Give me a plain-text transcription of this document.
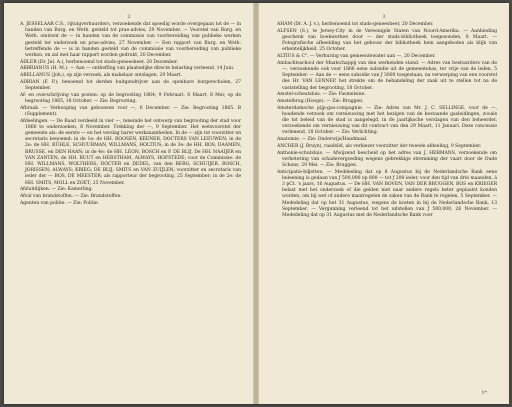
2

A. JESSELAAR C.S., rijtuigverhuurders, verzoekende dat spoedig worde overgegaan tot de — in handen van Burg. en Weth. gesteld tot prae-advies, 29 November. — Voorstel van Burg. en Weth. omtrent de — in handen van de commissie van voorbereiding van publieke werken gesteld ter onderzoek en prae-advies, 27 November. — Een rapport van Burg. en Weth. betreffende de — is in handen gesteld van de commissie van voorbereiding van publieke werken, en zal met haar rapport worden gedrukt, 20 December.

ADLER (Dr. Jul. A.), herbenoemd tot stads-geneesheer, 20 December.

ABBRIANUS (H. M.). — Aan — ontheffing van plaatselijke directe belasting verleend, 14 Juni.

ABELLANUS (Joh.), op zijn verzoek, als makelaar ontslagen, 29 Maart.

ADRIAN (F. P.); benoemd tot derden buitgendrijver aan de openbare burgerscholen, 27 September.

Af- en overschrijving van posten: op de begrooting 1864; 9 Februari, 6 Maart, 8 Mei; op de begrooting 1865, 18 October. — Zie: Begrooting.

Afbraak. — Verkooping van gebouwen voor —, 6 December. — Zie: Begrooting 1865. B (Supplement).

Afdeelingen. — De Raad verdeeld in vier —, teneinde het ontwerp van begrooting der stad voor 1866 te onderzoeken, 8 November. Trekking der —, 9 September. Het wetsvoorstel der gemeente als: de eerste — en het verslag harer werkzaamheden. In de — zijn tot voorzitter en secretaris benoemd: in de 1e: de HH. ROOSEN, KEENER, DOCTERS VAN LEEUWEN; in de 2e: de HH. RÜHLE, SCHUURMAN, WILLMANS, HOLTIUS; in de 3e: de HH. BOS, DAAMEN, BRUSSE, en DEN HAAN; in de 4e: de HH. LÉON, BOSCH en P. DE BLIJ. De HH. NAAIJER en VAN ZANTEN; de HH. RUUT en HERSTHAM, ALWAYS, HOFSTEDE; voor de Commissie: de HH. WILLMANS, WOLTHERS; DOCTER en DEDEL, van den BERG, SCHUIJER, BOSCH, JORISSEN; ALWAYS; KRIEG; DE BLIJ; SMITS en VAN ZUIJLEN; voorzitter en secretaris van ieder der — BOS, DE MEESTER; als rapporteur der begrooting, 25 September; in de 2e: de HH. SMITS, MOLL en ZOET; 25 November.

Afsluitdijken. — Zie: Kamerling.

Afval van brandstoffen. — Zie: Brandstoffen.

Agenten van politie. — Zie: Politie.

3

AHAM (Dr. A. J. v.), herbenoemd tot stads-geneesheer, 20 December.

ALFSEN (S.), te Jersey-City in de Vereenigde Staten van Noord-Amerika. — Aanbieding geschenk van boekwerken door — der stads-bibliotheek toegezonden, 8 Maart. — Fotografische afbeelding van het gebouw der bibliotheek hem aangeboden als blijk van erkentelijkheid, 25 October.

ALTIUS & C°. — Verhuring van gemeentewater aan —, 20 December.

Ambachtsschool der Maatschappij van den werkenden stand. — Adres van bestuurders van de —, verzoekende ook voor 1866 eene subsidie uit de gemeentekas, ter vrije van de leden, 5 September. — Aan de — eene subsidie van ƒ 3000 toegestaan, na verwerping van een voorstel des Hr. VAN LENNEP, het strekte om de behandeling der zaak uit te stellen tot na de vaststelling der begrooting, 18 October.

Amstel-scheutsluis. — Zie: Fasmelsine.

Amstelbrug (Hooge). — Zie: Bruggen.

Amsterdamsche pijp-gas-compagnie. — Zie: Adres van Mr. J. C. SELLINGE, voor de —, houdende verzoek om vernieuwing met het bezigen van de bestaande gasleidingen, zooals die tot beleid van de stad is aangelegd, in de jaarlijksche verslagen van den beheerder, verzoekende om vernieuwing van dit contract van den 29 Maart, 11 Januari. Deze concessie verlenend, 18 October. — Zie: Verlichting.

Anatomie. — Zie: Onderwijs/Handmaal.

ANCHER (J. Bruyn), raadslid, als verkiezer voorzitter der tweede afdeeling, 9 September.

Anthonie-schutsluis. — Afwijzend bescheid op het adres van J. HERMANS, verzoekende om verbetering van schadevergoeding wegens gebrekkige stremming der vaart door de Oude Schans, 29 Mei. — Zie: Bruggen.

Anticipatie-biljetten. — Meddeeling dat op 8 Augustus bij de Nederlandsche Bank eene beleening is gedaan van ƒ 500,000 op 800 — tot ƒ 200 ieder, voor den tijd van drie maanden, à 3 pCt. 's jaars, 16 Augustus. — De HH. VAN BOVEN, VAN DER BRUGGEN, BOS en KRIEGER belast met het onderzoek of die gelden niet naar andere regels beter geplaatst konden worden, om bij wet of andere maatregelen de zaken van de Bank te regelen, 5 September. — Mededeling dat op het 31 Augustus, wegens de kosten in bij de Nederlandsche Bank, 13 September. — Vergunning verleend tot het uitstellen van ƒ 500,000, 26 November. — Mededeling dat op 31 Augustus met de Nederlandsche Bank voor

1*
